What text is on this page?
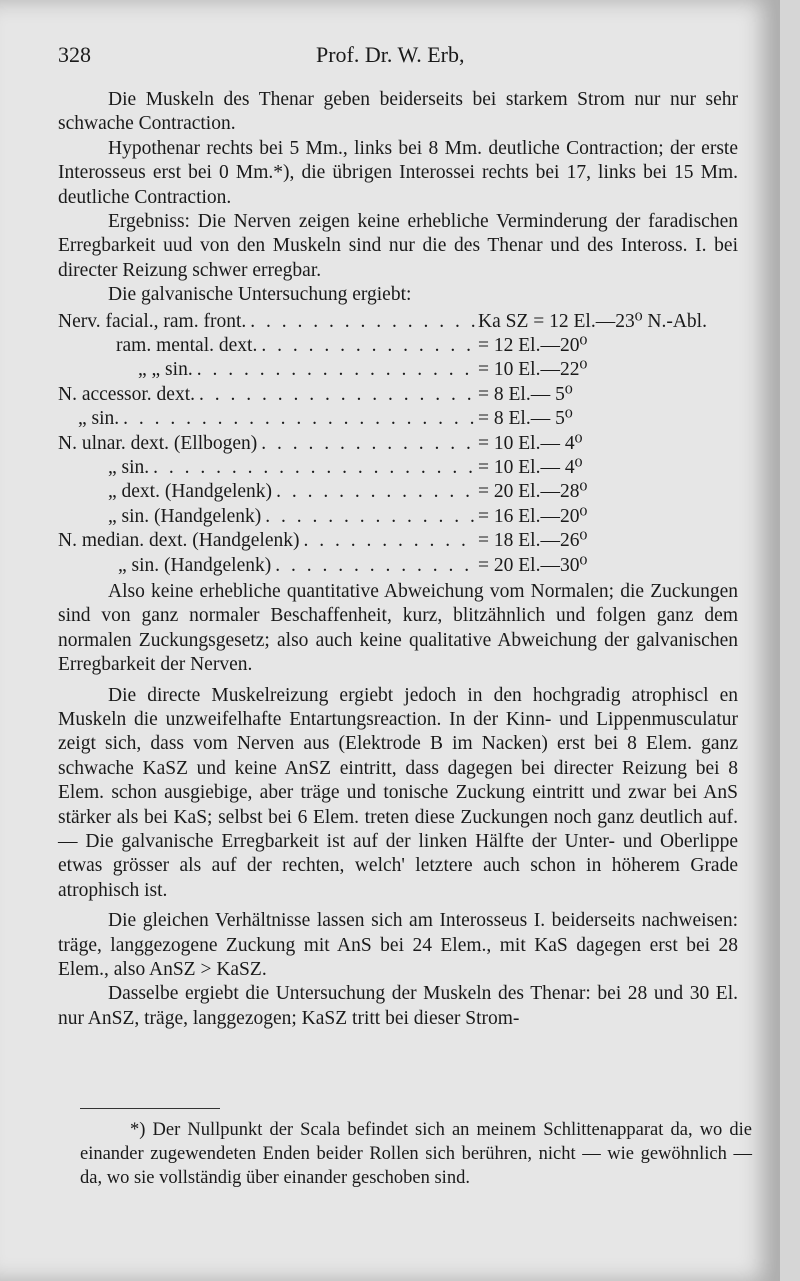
328	Prof. Dr. W. Erb,

Die Muskeln des Thenar geben beiderseits bei starkem Strom nur nur sehr schwache Contraction.

Hypothenar rechts bei 5 Mm., links bei 8 Mm. deutliche Contraction; der erste Interosseus erst bei 0 Mm.*), die übrigen Interossei rechts bei 17, links bei 15 Mm. deutliche Contraction.

Ergebniss: Die Nerven zeigen keine erhebliche Verminderung der faradischen Erregbarkeit uud von den Muskeln sind nur die des Thenar und des Inteross. I. bei directer Reizung schwer erregbar.

Die galvanische Untersuchung ergiebt:

Nerv. facial., ram. front. . . .	Ka SZ = 12 El.—23⁰ N.-Abl.
ram. mental. dext. . . .	= 12 El.—20⁰
„ „ sin. . . .	= 10 El.—22⁰
N. accessor. dext. . . .	= 8 El.— 5⁰
„ sin. . . .	= 8 El.— 5⁰
N. ulnar. dext. (Ellbogen) . . .	= 10 El.— 4⁰
„ sin. . . .	= 10 El.— 4⁰
„ dext. (Handgelenk) . . .	= 20 El.—28⁰
„ sin. (Handgelenk) . . .	= 16 El.—20⁰
N. median. dext. (Handgelenk) . . .	= 18 El.—26⁰
„ sin. (Handgelenk) . . .	= 20 El.—30⁰

Also keine erhebliche quantitative Abweichung vom Normalen; die Zuckungen sind von ganz normaler Beschaffenheit, kurz, blitzähnlich und folgen ganz dem normalen Zuckungsgesetz; also auch keine qualitative Abweichung der galvanischen Erregbarkeit der Nerven.

Die directe Muskelreizung ergiebt jedoch in den hochgradig atrophiscl en Muskeln die unzweifelhafte Entartungsreaction. In der Kinn- und Lippenmusculatur zeigt sich, dass vom Nerven aus (Elektrode B im Nacken) erst bei 8 Elem. ganz schwache KaSZ und keine AnSZ eintritt, dass dagegen bei directer Reizung bei 8 Elem. schon ausgiebige, aber träge und tonische Zuckung eintritt und zwar bei AnS stärker als bei KaS; selbst bei 6 Elem. treten diese Zuckungen noch ganz deutlich auf. — Die galvanische Erregbarkeit ist auf der linken Hälfte der Unter- und Oberlippe etwas grösser als auf der rechten, welch' letztere auch schon in höherem Grade atrophisch ist.

Die gleichen Verhältnisse lassen sich am Interosseus I. beiderseits nachweisen: träge, langgezogene Zuckung mit AnS bei 24 Elem., mit KaS dagegen erst bei 28 Elem., also AnSZ > KaSZ.

Dasselbe ergiebt die Untersuchung der Muskeln des Thenar: bei 28 und 30 El. nur AnSZ, träge, langgezogen; KaSZ tritt bei dieser Strom-

*) Der Nullpunkt der Scala befindet sich an meinem Schlittenapparat da, wo die einander zugewendeten Enden beider Rollen sich berühren, nicht — wie gewöhnlich — da, wo sie vollständig über einander geschoben sind.
